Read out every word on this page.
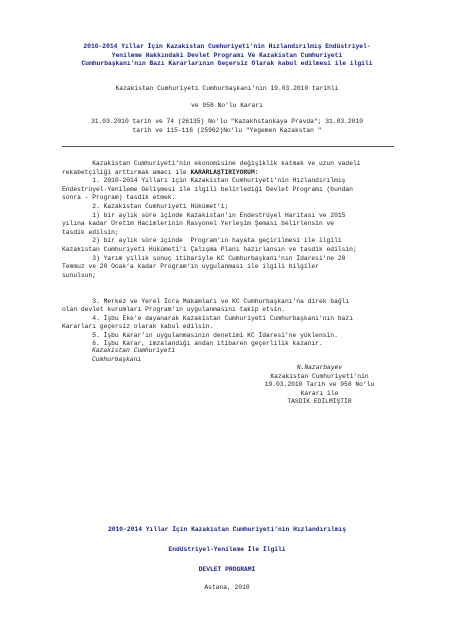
2010-2014 Yıllar İçin Kazakistan Cumhuriyeti’nin Hızlandırılmış Endüstriyel-
Yenileme Hakkındaki Devlet Programı Ve Kazakistan Cumhuriyeti
Cumhurbaşkanı’nın Bazı Kararlarının Geçersiz Olarak kabul edilmesi ile ilgili
Kazakistan Cumhuriyeti Cumhurbaşkanı’nın 19.03.2010 tarihli
ve 958 No’lu Kararı
31.03.2010 tarih ve 74 (26135) No’lu "Kazakhstankaya Pravda"; 31.03.2010
tarih ve 115-116 (25962)No’lu "Yegemen Kazakstan "

Kazakistan Cumhuriyeti’nin ekonomisine değişiklik katmak ve uzun vadeli

rekabetçiliği arttırmak amacı ile KARARLAŞTIRIYORUM:

1. 2010-2014 Yılları için Kazakistan Cumhuriyeti’nin Hızlandırılmış

Endestrüyel-Yenileme Gelişmesi ile ilgili belirlediği Devlet Programı (bundan

sonra - Program) tasdik etmek.

2. Kazakistan Cumhuriyeti Hükümet’i;

1) bir aylık süre içinde Kazakistan’ın Endestrüyel Haritası ve 2015

yılına kadar Üretim Hacimlerinin Rasyonel Yerleşim Şeması belirlensin ve

tasdik edilsin;

2) bir aylık süre içinde  Program’ın hayata geçirilmesi ile ilgili

Kazakistan Cumhuriyeti Hükümeti’i Çalışma Planı hazırlansın ve tasdik edilsin;

3) Yarım yıllık sonuç itibariyle KC Cumhurbaşkanı’nın İdaresi’ne 20

Temmuz ve 20 Ocak’a kadar Program’ın uygulanması ile ilgili bilgiler

sunulsun;

3. Merkez ve Yerel İcra Makamları ve KC Cumhurbaşkanı’na direk bağlı

olan devlet kurumları Program’ın uygulanmasını takip etsin.

4. İşbu Eke’e dayanarak Kazakistan Cumhuriyeti Cumhurbaşkanı’nın bazı

Kararları geçersiz olarak kabul edilsin.

5. İşbu Karar’ın uygulanmasının denetimi KC İdaresi’ne yüklensin.

6. İşbu Karar, imzalandığı andan itibaren geçerlilik kazanır.

Kazakistan Cumhuriyeti
Cumhurbaşkanı
N.Nazarbayev
Kazakistan Cumhuriyeti’nin
19.03.2010 Tarih ve 958 No’lu
Kararı ile
TASDİK EDİLMİŞTİR
2010-2014 Yıllar İçin Kazakistan Cumhuriyeti’nin Hızlandırılmış
Endüstriyel-Yenileme İle İlgili
DEVLET PROGRAMI
Astana, 2010
